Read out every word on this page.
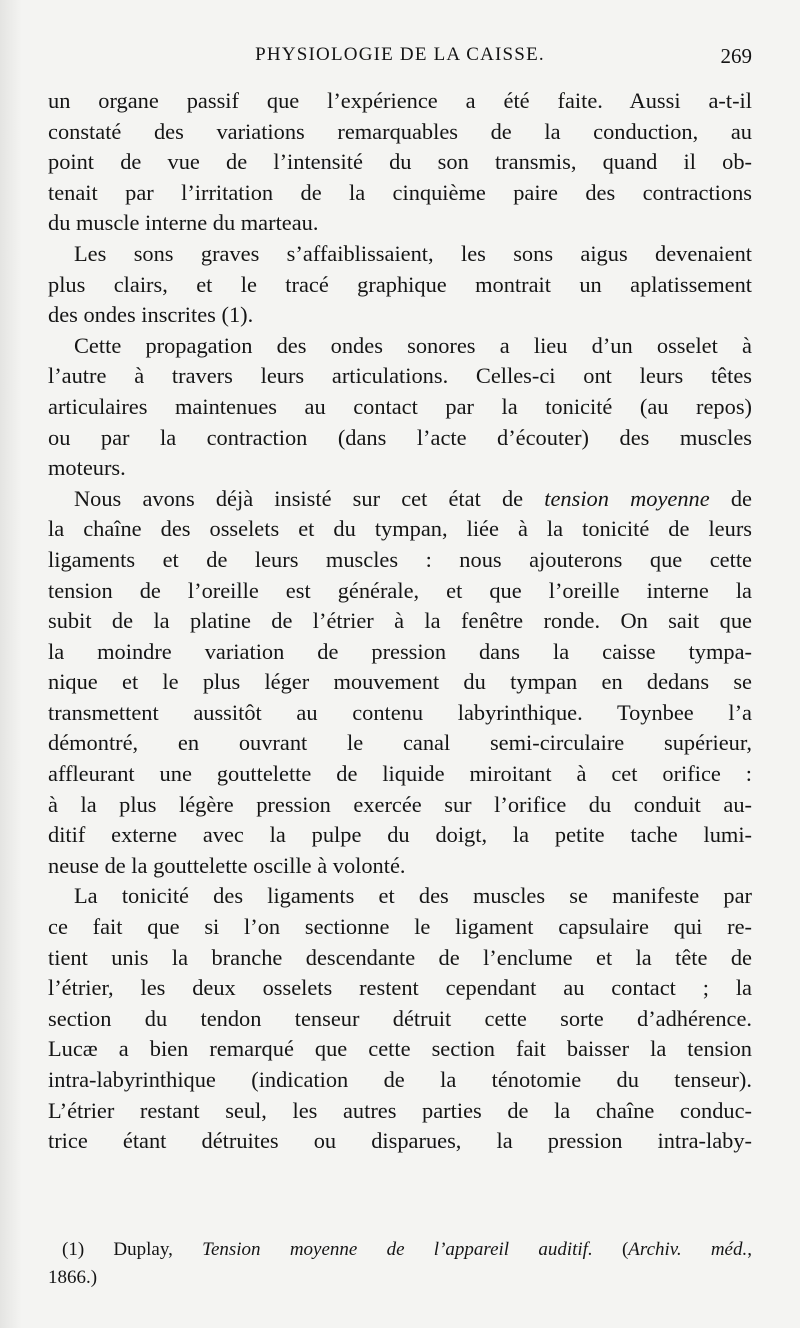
PHYSIOLOGIE DE LA CAISSE.	269
un organe passif que l’expérience a été faite. Aussi a-t-il
constaté des variations remarquables de la conduction, au
point de vue de l’intensité du son transmis, quand il ob-
tenait par l’irritation de la cinquième paire des contractions
du muscle interne du marteau.
Les sons graves s’affaiblissaient, les sons aigus devenaient
plus clairs, et le tracé graphique montrait un aplatissement
des ondes inscrites (1).
Cette propagation des ondes sonores a lieu d’un osselet à
l’autre à travers leurs articulations. Celles-ci ont leurs têtes
articulaires maintenues au contact par la tonicité (au repos)
ou par la contraction (dans l’acte d’écouter) des muscles
moteurs.
Nous avons déjà insisté sur cet état de tension moyenne de
la chaîne des osselets et du tympan, liée à la tonicité de leurs
ligaments et de leurs muscles : nous ajouterons que cette
tension de l’oreille est générale, et que l’oreille interne la
subit de la platine de l’étrier à la fenêtre ronde. On sait que
la moindre variation de pression dans la caisse tympa-
nique et le plus léger mouvement du tympan en dedans se
transmettent aussitôt au contenu labyrinthique. Toynbee l’a
démontré, en ouvrant le canal semi-circulaire supérieur,
affleurant une gouttelette de liquide miroitant à cet orifice :
à la plus légère pression exercée sur l’orifice du conduit au-
ditif externe avec la pulpe du doigt, la petite tache lumi-
neuse de la gouttelette oscille à volonté.
La tonicité des ligaments et des muscles se manifeste par
ce fait que si l’on sectionne le ligament capsulaire qui re-
tient unis la branche descendante de l’enclume et la tête de
l’étrier, les deux osselets restent cependant au contact ; la
section du tendon tenseur détruit cette sorte d’adhérence.
Lucæ a bien remarqué que cette section fait baisser la tension
intra-labyrinthique (indication de la ténotomie du tenseur).
L’étrier restant seul, les autres parties de la chaîne conduc-
trice étant détruites ou disparues, la pression intra-laby-
(1) Duplay, Tension moyenne de l’appareil auditif. (Archiv. méd.,
1866.)
